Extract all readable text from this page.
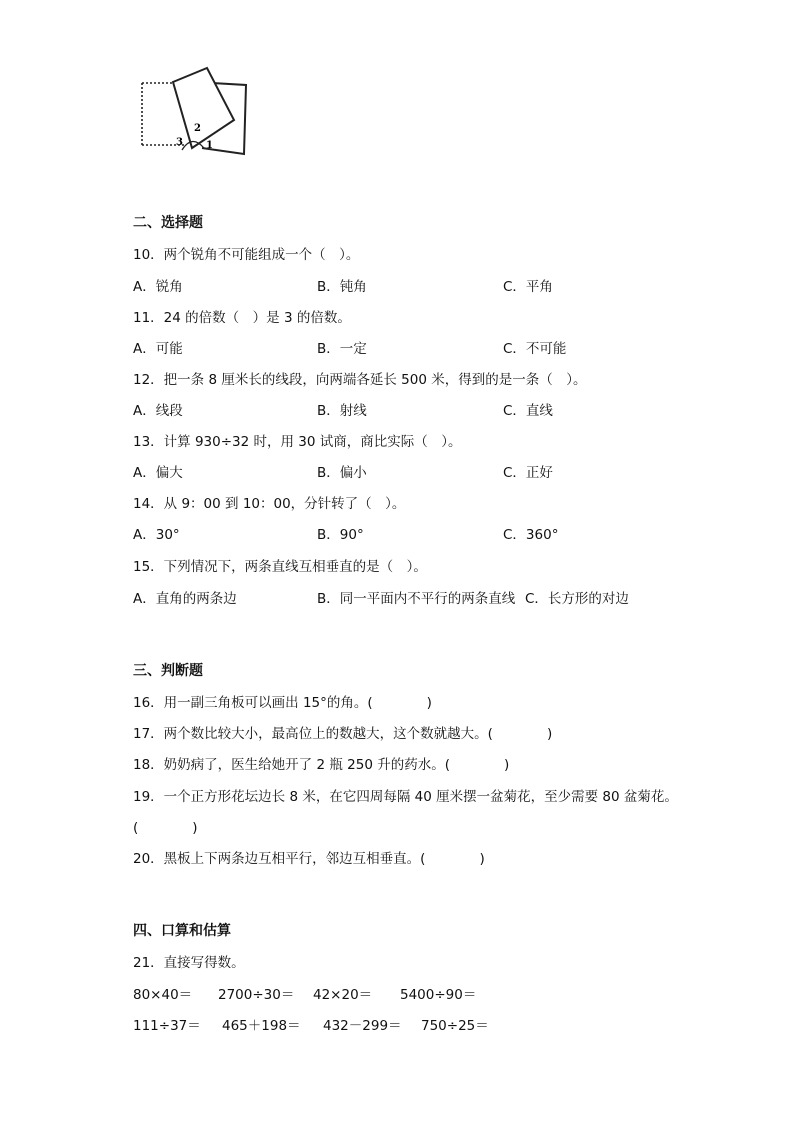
3
2
1
二、选择题
10．两个锐角不可能组成一个（　）。
A．锐角	B．钝角	C．平角
11．24 的倍数（　）是 3 的倍数。
A．可能	B．一定	C．不可能
12．把一条 8 厘米长的线段，向两端各延长 500 米，得到的是一条（　）。
A．线段	B．射线	C．直线
13．计算 930÷32 时，用 30 试商，商比实际（　）。
A．偏大	B．偏小	C．正好
14．从 9：00 到 10：00，分针转了（　）。
A．30°	B．90°	C．360°
15．下列情况下，两条直线互相垂直的是（　）。
A．直角的两条边	B．同一平面内不平行的两条直线 C．长方形的对边
三、判断题
16．用一副三角板可以画出 15°的角。(　　　　)
17．两个数比较大小，最高位上的数越大，这个数就越大。(　　　　)
18．奶奶病了，医生给她开了 2 瓶 250 升的药水。(　　　　)
19．一个正方形花坛边长 8 米，在它四周每隔 40 厘米摆一盆菊花，至少需要 80 盆菊花。
(　　　　)
20．黑板上下两条边互相平行，邻边互相垂直。(　　　　)
四、口算和估算
21．直接写得数。
80×40＝ 2700÷30＝ 42×20＝ 5400÷90＝
111÷37＝ 465＋198＝ 432－299＝ 750÷25＝
